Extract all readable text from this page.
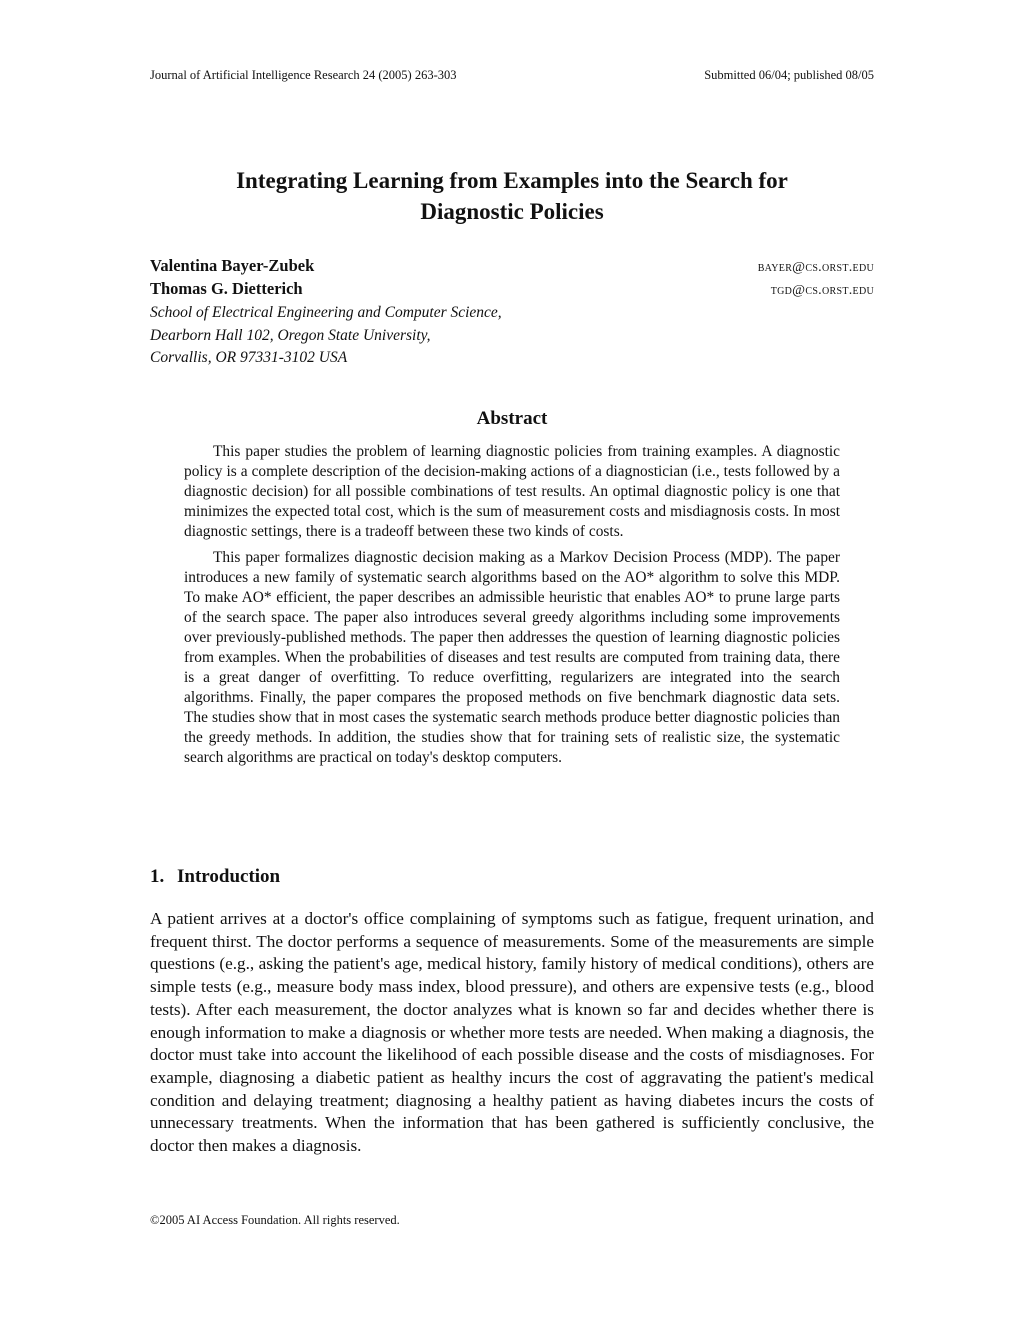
Journal of Artificial Intelligence Research 24 (2005) 263-303	Submitted 06/04; published 08/05
Integrating Learning from Examples into the Search for
Diagnostic Policies
Valentina Bayer-Zubek	bayer@cs.orst.edu
Thomas G. Dietterich	tgd@cs.orst.edu
School of Electrical Engineering and Computer Science,
Dearborn Hall 102, Oregon State University,
Corvallis, OR 97331-3102 USA
Abstract

This paper studies the problem of learning diagnostic policies from training examples. A diagnostic policy is a complete description of the decision-making actions of a diagnostician (i.e., tests followed by a diagnostic decision) for all possible combinations of test results. An optimal diagnostic policy is one that minimizes the expected total cost, which is the sum of measurement costs and misdiagnosis costs. In most diagnostic settings, there is a tradeoff between these two kinds of costs.

This paper formalizes diagnostic decision making as a Markov Decision Process (MDP). The paper introduces a new family of systematic search algorithms based on the AO* algorithm to solve this MDP. To make AO* efficient, the paper describes an admissible heuristic that enables AO* to prune large parts of the search space. The paper also introduces several greedy algorithms including some improvements over previously-published methods. The paper then addresses the question of learning diagnostic policies from examples. When the probabilities of diseases and test results are computed from training data, there is a great danger of overfitting. To reduce overfitting, regularizers are integrated into the search algorithms. Finally, the paper compares the proposed methods on five benchmark diagnostic data sets. The studies show that in most cases the systematic search methods produce better diagnostic policies than the greedy methods. In addition, the studies show that for training sets of realistic size, the systematic search algorithms are practical on today's desktop computers.

1. Introduction

A patient arrives at a doctor's office complaining of symptoms such as fatigue, frequent urination, and frequent thirst. The doctor performs a sequence of measurements. Some of the measurements are simple questions (e.g., asking the patient's age, medical history, family history of medical conditions), others are simple tests (e.g., measure body mass index, blood pressure), and others are expensive tests (e.g., blood tests). After each measurement, the doctor analyzes what is known so far and decides whether there is enough information to make a diagnosis or whether more tests are needed. When making a diagnosis, the doctor must take into account the likelihood of each possible disease and the costs of misdiagnoses. For example, diagnosing a diabetic patient as healthy incurs the cost of aggravating the patient's medical condition and delaying treatment; diagnosing a healthy patient as having diabetes incurs the costs of unnecessary treatments. When the information that has been gathered is sufficiently conclusive, the doctor then makes a diagnosis.

©2005 AI Access Foundation. All rights reserved.
